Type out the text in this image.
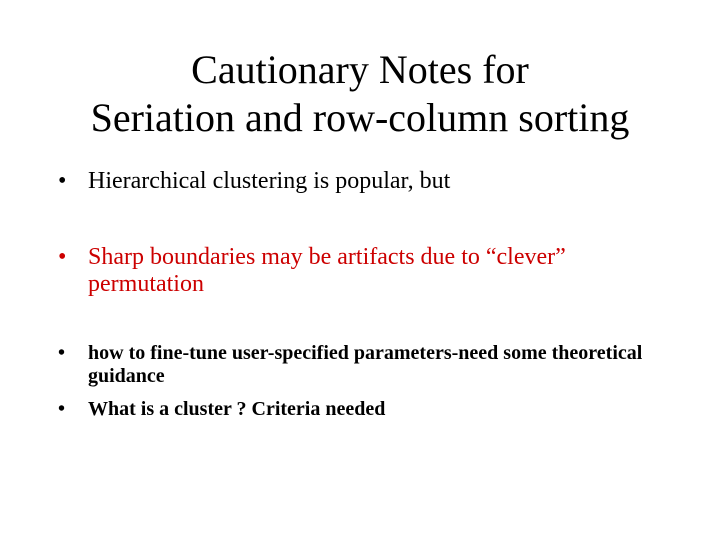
Cautionary Notes for
Seriation and row-column sorting
• Hierarchical clustering is popular, but
• Sharp boundaries may be artifacts due to “clever” permutation
• how to fine-tune user-specified parameters-need some theoretical guidance
• What is a cluster ? Criteria needed
